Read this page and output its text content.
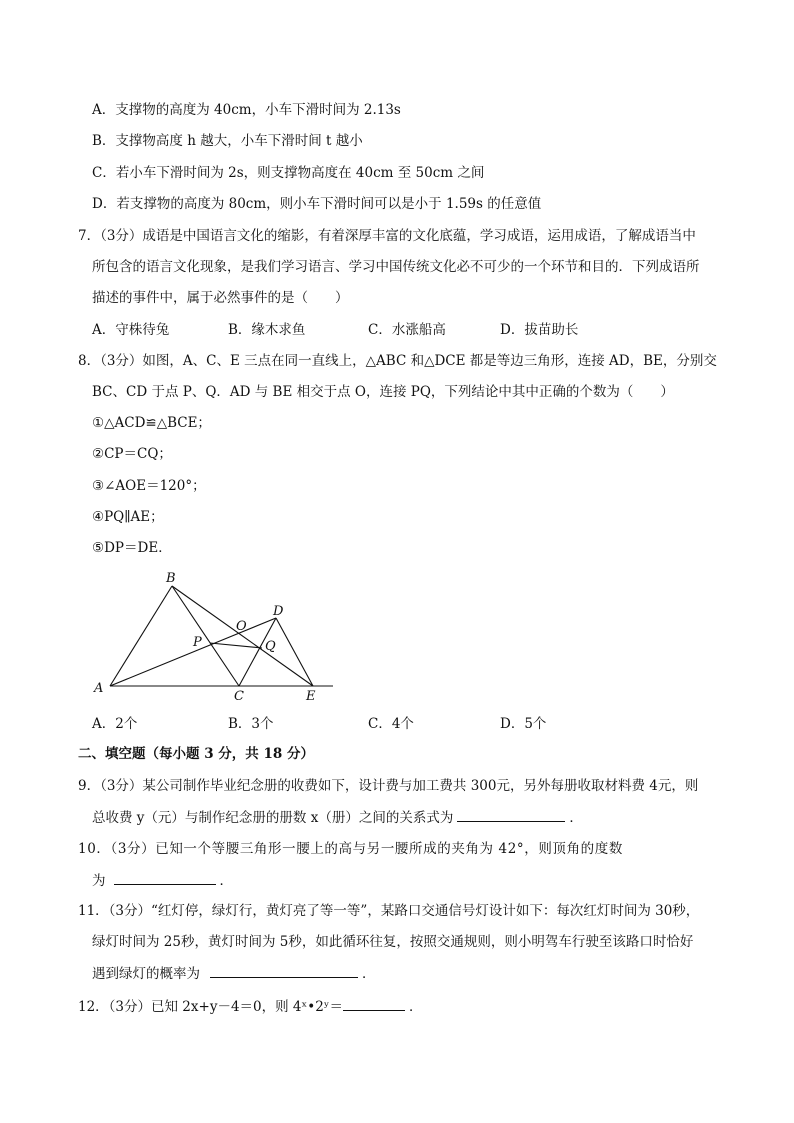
A．支撑物的高度为 40cm，小车下滑时间为 2.13s
B．支撑物高度 h 越大，小车下滑时间 t 越小
C．若小车下滑时间为 2s，则支撑物高度在 40cm 至 50cm 之间
D．若支撑物的高度为 80cm，则小车下滑时间可以是小于 1.59s 的任意值
7．（3分）成语是中国语言文化的缩影，有着深厚丰富的文化底蕴，学习成语，运用成语，了解成语当中
所包含的语言文化现象，是我们学习语言、学习中国传统文化必不可少的一个环节和目的．下列成语所
描述的事件中，属于必然事件的是（　　）
A．守株待兔	B．缘木求鱼	C．水涨船高	D．拔苗助长
8．（3分）如图，A、C、E 三点在同一直线上，△ABC 和△DCE 都是等边三角形，连接 AD，BE，分别交
BC、CD 于点 P、Q．AD 与 BE 相交于点 O，连接 PQ，下列结论中其中正确的个数为（　　）
①△ACD≌△BCE；
②CP＝CQ；
③∠AOE＝120°；
④PQ∥AE；
⑤DP＝DE．
B
A
C
D
E
O
P	Q
A．2个	B．3个	C．4个	D．5个
二、填空题（每小题 3 分，共 18 分）
9．（3分）某公司制作毕业纪念册的收费如下，设计费与加工费共 300元，另外每册收取材料费 4元，则
总收费 y（元）与制作纪念册的册数 x（册）之间的关系式为	．
10．（3分）已知一个等腰三角形一腰上的高与另一腰所成的夹角为 42°，则顶角的度数
为	．
11．（3分）“红灯停，绿灯行，黄灯亮了等一等”，某路口交通信号灯设计如下：每次红灯时间为 30秒，
绿灯时间为 25秒，黄灯时间为 5秒，如此循环往复，按照交通规则，则小明驾车行驶至该路口时恰好
遇到绿灯的概率为	．
12．（3分）已知 2x+y－4＝0，则 4ˣ•2ʸ＝	．
